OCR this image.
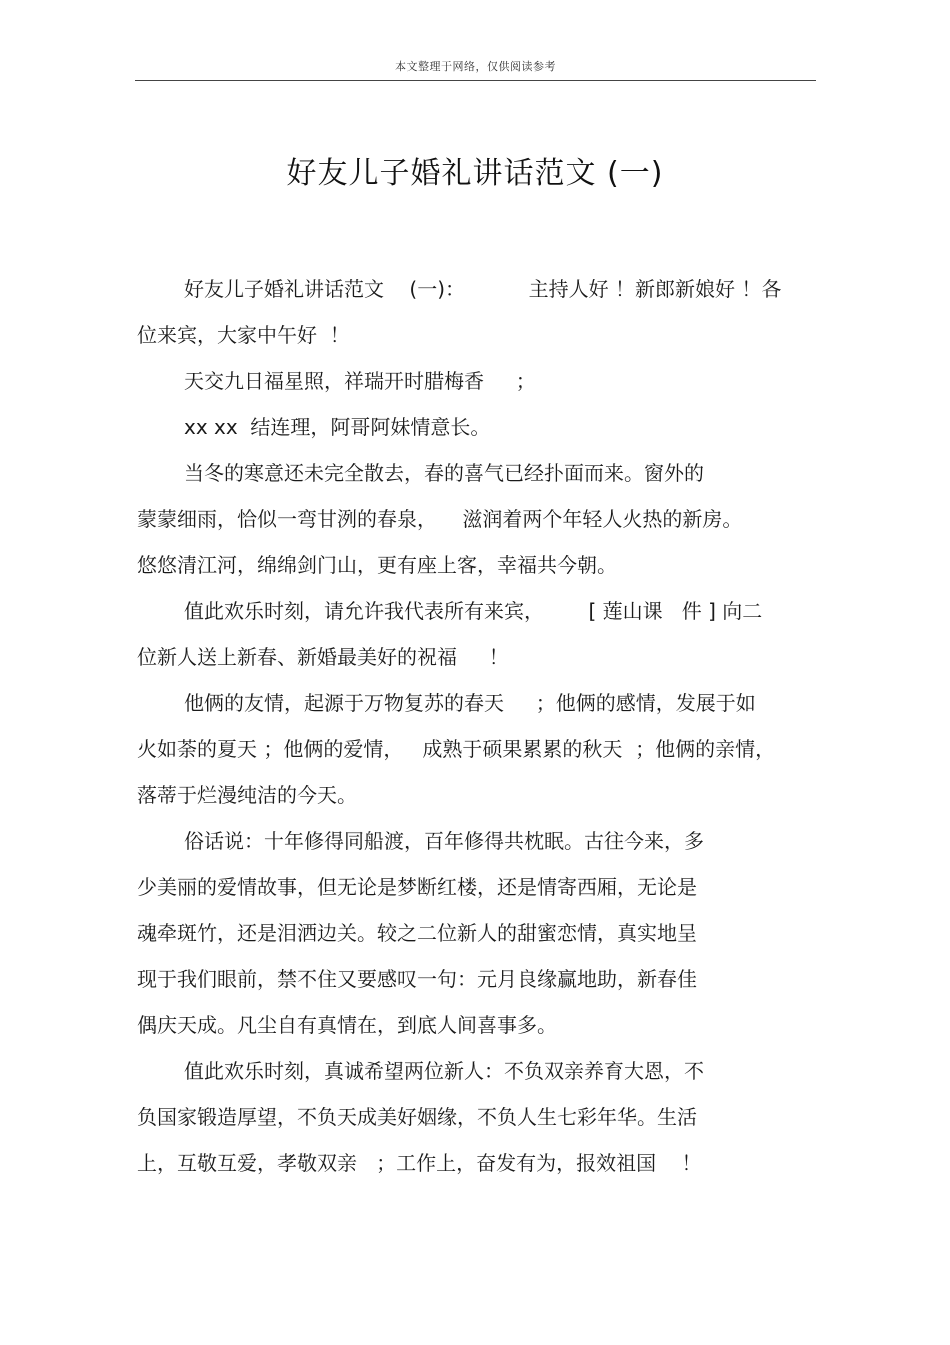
本文整理于网络，仅供阅读参考
好友儿子婚礼讲话范文 (一)
好友儿子婚礼讲话范文    (一)：          主持人好 ！新郎新娘好 ！各
位来宾，大家中午好  ！
天交九日福星照，祥瑞开时腊梅香     ；
xx xx  结连理，阿哥阿妹情意长。
当冬的寒意还未完全散去，春的喜气已经扑面而来。窗外的
蒙蒙细雨，恰似一弯甘洌的春泉，    滋润着两个年轻人火热的新房。
悠悠清江河，绵绵剑门山，更有座上客，幸福共今朝。
值此欢乐时刻，请允许我代表所有来宾，       [ 莲山课   件 ] 向二
位新人送上新春、新婚最美好的祝福     ！
他俩的友情，起源于万物复苏的春天     ；他俩的感情，发展于如
火如荼的夏天 ；他俩的爱情，   成熟于硕果累累的秋天  ；他俩的亲情，
落蒂于烂漫纯洁的今天。
俗话说：十年修得同船渡，百年修得共枕眠。古往今来，多
少美丽的爱情故事，但无论是梦断红楼，还是情寄西厢，无论是
魂牵斑竹，还是泪洒边关。较之二位新人的甜蜜恋情，真实地呈
现于我们眼前，禁不住又要感叹一句：元月良缘赢地助，新春佳
偶庆天成。凡尘自有真情在，到底人间喜事多。
值此欢乐时刻，真诚希望两位新人：不负双亲养育大恩，不
负国家锻造厚望，不负天成美好姻缘，不负人生七彩年华。生活
上，互敬互爱，孝敬双亲   ；工作上，奋发有为，报效祖国    ！
